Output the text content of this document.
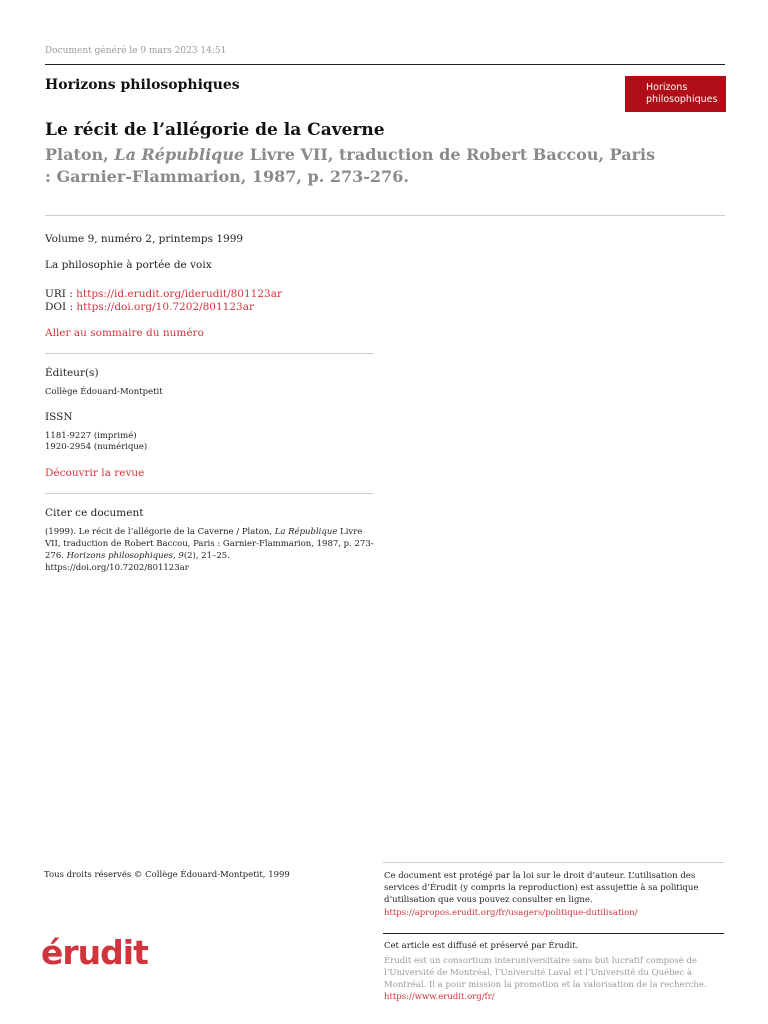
Document généré le 9 mars 2023 14:51
Horizons philosophiques	Horizons
philosophiques
Le récit de l’allégorie de la Caverne
Platon, La République Livre VII, traduction de Robert Baccou, Paris : Garnier-Flammarion, 1987, p. 273-276.
Volume 9, numéro 2, printemps 1999
La philosophie à portée de voix
URI : https://id.erudit.org/iderudit/801123ar
DOI : https://doi.org/10.7202/801123ar
Aller au sommaire du numéro
Éditeur(s)
Collège Édouard-Montpetit
ISSN
1181-9227 (imprimé)
1920-2954 (numérique)
Découvrir la revue
Citer ce document
(1999). Le récit de l’allégorie de la Caverne / Platon, La République Livre VII, traduction de Robert Baccou, Paris : Garnier-Flammarion, 1987, p. 273-276. Horizons philosophiques, 9(2), 21–25. https://doi.org/10.7202/801123ar
Tous droits réservés © Collège Édouard-Montpetit, 1999	Ce document est protégé par la loi sur le droit d’auteur. L’utilisation des services d’Érudit (y compris la reproduction) est assujettie à sa politique d’utilisation que vous pouvez consulter en ligne.
https://apropos.erudit.org/fr/usagers/politique-dutilisation/
érudit	Cet article est diffusé et préservé par Érudit.
Érudit est un consortium interuniversitaire sans but lucratif composé de l’Université de Montréal, l’Université Laval et l’Université du Québec à Montréal. Il a pour mission la promotion et la valorisation de la recherche.
https://www.erudit.org/fr/
